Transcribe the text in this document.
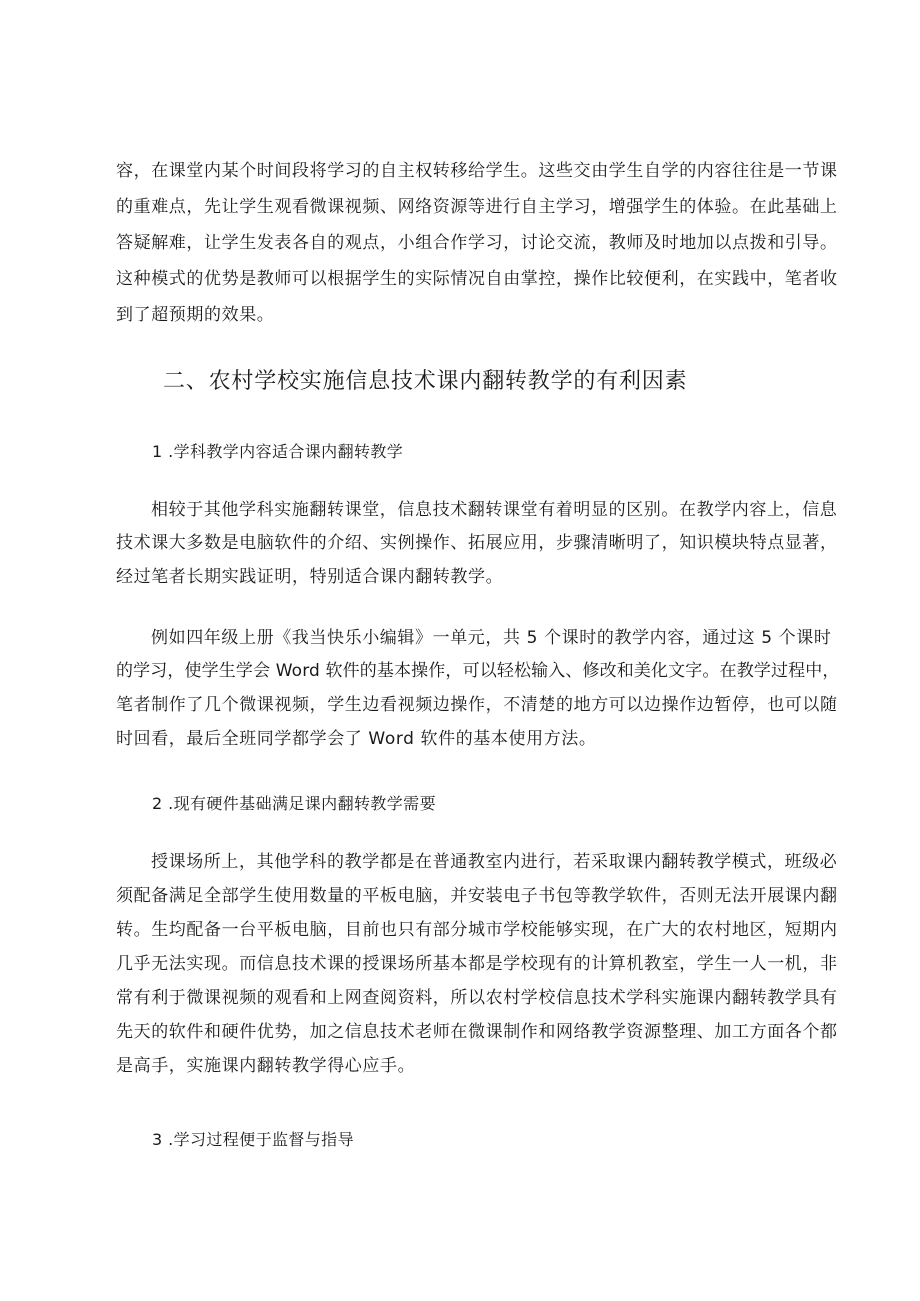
容，在课堂内某个时间段将学习的自主权转移给学生。这些交由学生自学的内容往往是一节课
的重难点，先让学生观看微课视频、网络资源等进行自主学习，增强学生的体验。在此基础上
答疑解难，让学生发表各自的观点，小组合作学习，讨论交流，教师及时地加以点拨和引导。
这种模式的优势是教师可以根据学生的实际情况自由掌控，操作比较便利，在实践中，笔者收
到了超预期的效果。
二、农村学校实施信息技术课内翻转教学的有利因素
1 .学科教学内容适合课内翻转教学
相较于其他学科实施翻转课堂，信息技术翻转课堂有着明显的区别。在教学内容上，信息
技术课大多数是电脑软件的介绍、实例操作、拓展应用，步骤清晰明了，知识模块特点显著，
经过笔者长期实践证明，特别适合课内翻转教学。
例如四年级上册《我当快乐小编辑》一单元，共 5 个课时的教学内容，通过这 5 个课时
的学习，使学生学会 Word 软件的基本操作，可以轻松输入、修改和美化文字。在教学过程中，
笔者制作了几个微课视频，学生边看视频边操作，不清楚的地方可以边操作边暂停，也可以随
时回看，最后全班同学都学会了 Word 软件的基本使用方法。
2 .现有硬件基础满足课内翻转教学需要
授课场所上，其他学科的教学都是在普通教室内进行，若采取课内翻转教学模式，班级必
须配备满足全部学生使用数量的平板电脑，并安装电子书包等教学软件，否则无法开展课内翻
转。生均配备一台平板电脑，目前也只有部分城市学校能够实现，在广大的农村地区，短期内
几乎无法实现。而信息技术课的授课场所基本都是学校现有的计算机教室，学生一人一机，非
常有利于微课视频的观看和上网查阅资料，所以农村学校信息技术学科实施课内翻转教学具有
先天的软件和硬件优势，加之信息技术老师在微课制作和网络教学资源整理、加工方面各个都
是高手，实施课内翻转教学得心应手。
3 .学习过程便于监督与指导
